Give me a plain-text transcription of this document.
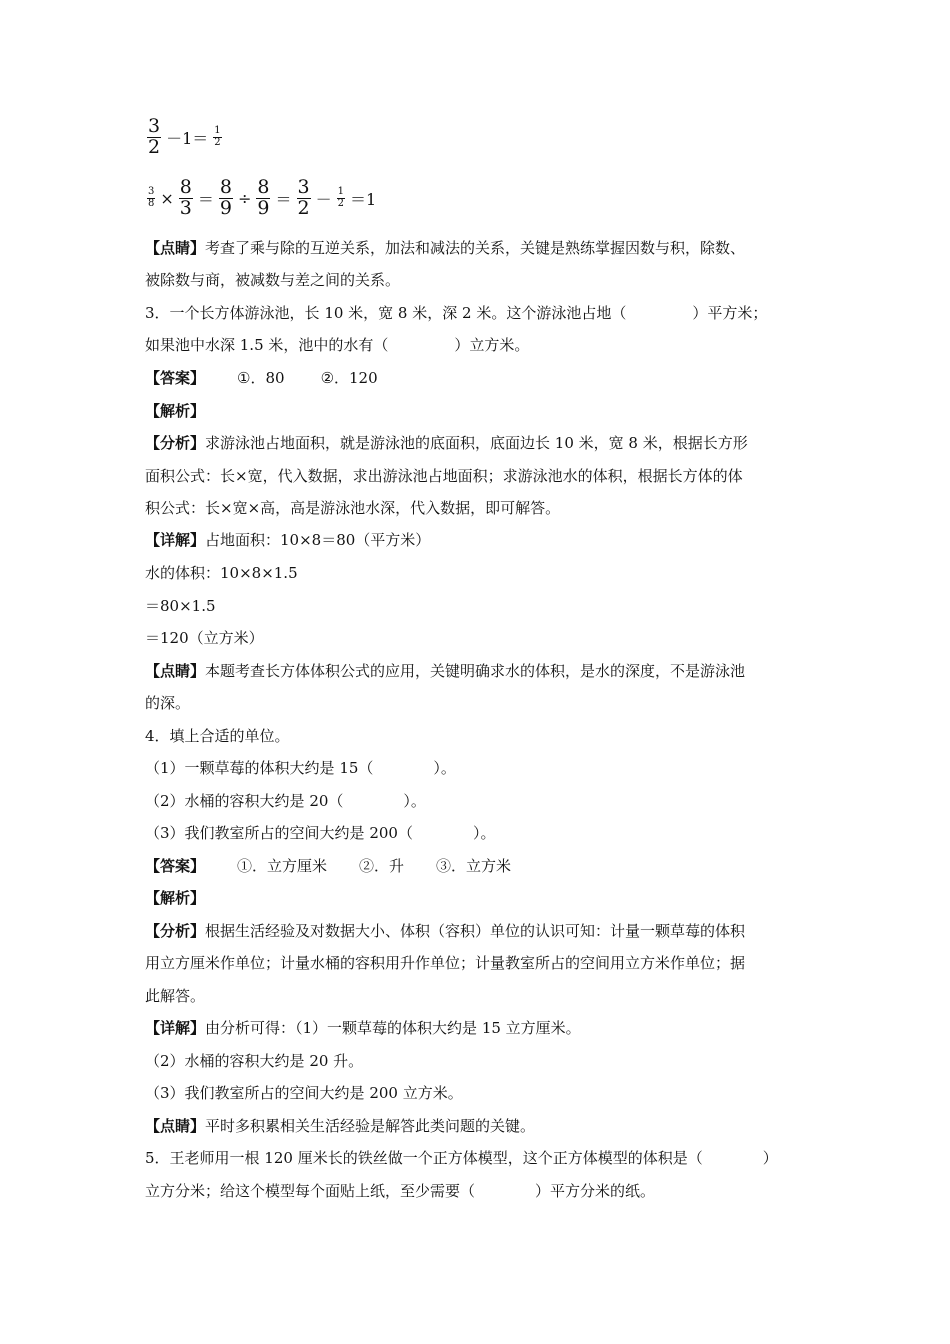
$\frac{3}{2} -1= \frac{1}{2}$
$\frac{3}{8} \times \frac{8}{3} = \frac{8}{9} \div \frac{8}{9} = \frac{3}{2} - \frac{1}{2} =1$
【点睛】考查了乘与除的互逆关系，加法和减法的关系，关键是熟练掌握因数与积，除数、
被除数与商，被减数与差之间的关系。
3．一个长方体游泳池，长 10 米，宽 8 米，深 2 米。这个游泳池占地（	）平方米；
如果池中水深 1.5 米，池中的水有（	）立方米。
【答案】 ①．80 ②．120
【解析】
【分析】求游泳池占地面积，就是游泳池的底面积，底面边长 10 米，宽 8 米，根据长方形
面积公式：长×宽，代入数据，求出游泳池占地面积；求游泳池水的体积，根据长方体的体
积公式：长×宽×高，高是游泳池水深，代入数据，即可解答。
【详解】占地面积：10×8＝80（平方米）
水的体积：10×8×1.5
＝80×1.5
＝120（立方米）
【点睛】本题考查长方体体积公式的应用，关键明确求水的体积，是水的深度，不是游泳池
的深。
4．填上合适的单位。
（1）一颗草莓的体积大约是 15（	）。
（2）水桶的容积大约是 20（	）。
（3）我们教室所占的空间大约是 200（	）。
【答案】 ①．立方厘米 ②．升 ③．立方米
【解析】
【分析】根据生活经验及对数据大小、体积（容积）单位的认识可知：计量一颗草莓的体积
用立方厘米作单位；计量水桶的容积用升作单位；计量教室所占的空间用立方米作单位；据
此解答。
【详解】由分析可得：（1）一颗草莓的体积大约是 15 立方厘米。
（2）水桶的容积大约是 20 升。
（3）我们教室所占的空间大约是 200 立方米。
【点睛】平时多积累相关生活经验是解答此类问题的关键。
5．王老师用一根 120 厘米长的铁丝做一个正方体模型，这个正方体模型的体积是（	）
立方分米；给这个模型每个面贴上纸，至少需要（	）平方分米的纸。
